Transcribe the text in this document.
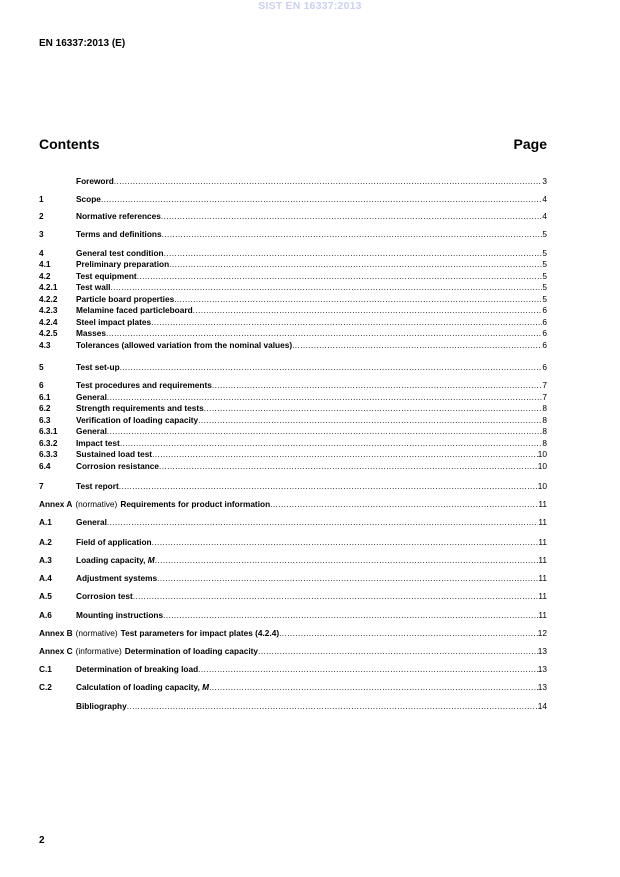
SIST EN 16337:2013
EN 16337:2013 (E)
Contents	Page
Foreword .....	3
1	Scope .....	4
2	Normative references .....	4
3	Terms and definitions .....	5
4	General test condition .....	5
4.1	Preliminary preparation .....	5
4.2	Test equipment .....	5
4.2.1	Test wall .....	5
4.2.2	Particle board properties .....	5
4.2.3	Melamine faced particleboard .....	6
4.2.4	Steel impact plates .....	6
4.2.5	Masses .....	6
4.3	Tolerances (allowed variation from the nominal values) .....	6
5	Test set-up .....	6
6	Test procedures and requirements .....	7
6.1	General .....	7
6.2	Strength requirements and tests .....	8
6.3	Verification of loading capacity .....	8
6.3.1	General .....	8
6.3.2	Impact test .....	8
6.3.3	Sustained load test .....	10
6.4	Corrosion resistance .....	10
7	Test report .....	10
Annex A (normative) Requirements for product information .....	11
A.1	General .....	11
A.2	Field of application .....	11
A.3	Loading capacity, M .....	11
A.4	Adjustment systems .....	11
A.5	Corrosion test .....	11
A.6	Mounting instructions .....	11
Annex B (normative) Test parameters for impact plates (4.2.4) .....	12
Annex C (informative) Determination of loading capacity .....	13
C.1	Determination of breaking load .....	13
C.2	Calculation of loading capacity, M .....	13
Bibliography .....	14
2
